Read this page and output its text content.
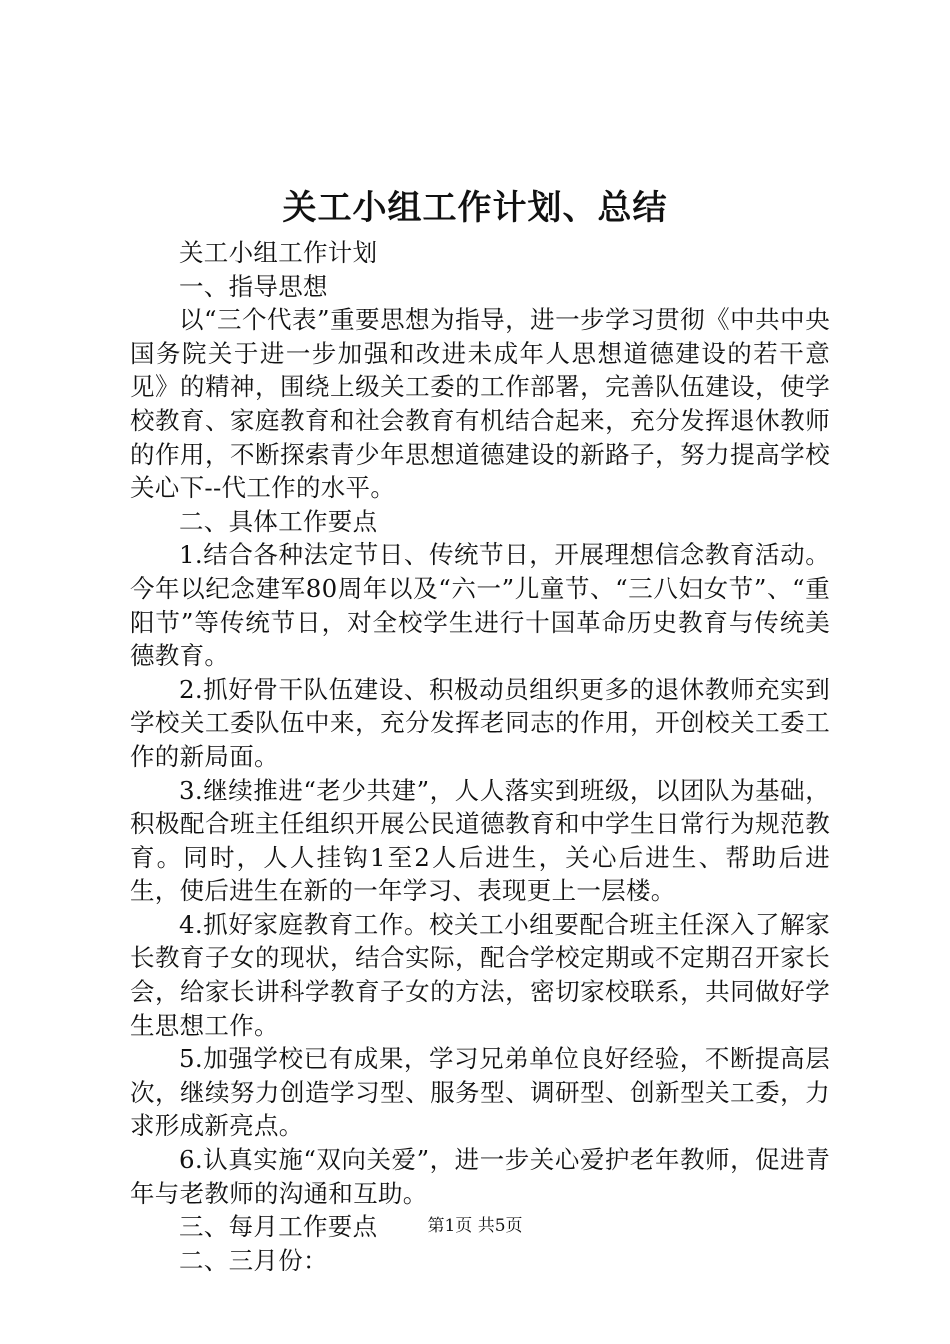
关工小组工作计划、总结

关工小组工作计划

一、指导思想

以“三个代表”重要思想为指导，进一步学习贯彻《中共中央国务院关于进一步加强和改进未成年人思想道德建设的若干意见》的精神，围绕上级关工委的工作部署，完善队伍建设，使学校教育、家庭教育和社会教育有机结合起来，充分发挥退休教师的作用，不断探索青少年思想道德建设的新路子，努力提高学校关心下--代工作的水平。

二、具体工作要点

1.结合各种法定节日、传统节日，开展理想信念教育活动。今年以纪念建军80周年以及“六一”儿童节、“三八妇女节”、“重阳节”等传统节日，对全校学生进行十国革命历史教育与传统美德教育。

2.抓好骨干队伍建设、积极动员组织更多的退休教师充实到学校关工委队伍中来，充分发挥老同志的作用，开创校关工委工作的新局面。

3.继续推进“老少共建”，人人落实到班级，以团队为基础，积极配合班主任组织开展公民道德教育和中学生日常行为规范教育。同时，人人挂钩1至2人后进生，关心后进生、帮助后进生，使后进生在新的一年学习、表现更上一层楼。

4.抓好家庭教育工作。校关工小组要配合班主任深入了解家长教育子女的现状，结合实际，配合学校定期或不定期召开家长会，给家长讲科学教育子女的方法，密切家校联系，共同做好学生思想工作。

5.加强学校已有成果，学习兄弟单位良好经验，不断提高层次，继续努力创造学习型、服务型、调研型、创新型关工委，力求形成新亮点。

6.认真实施“双向关爱”，进一步关心爱护老年教师，促进青年与老教师的沟通和互助。

三、每月工作要点

二、三月份：

第1页 共5页
